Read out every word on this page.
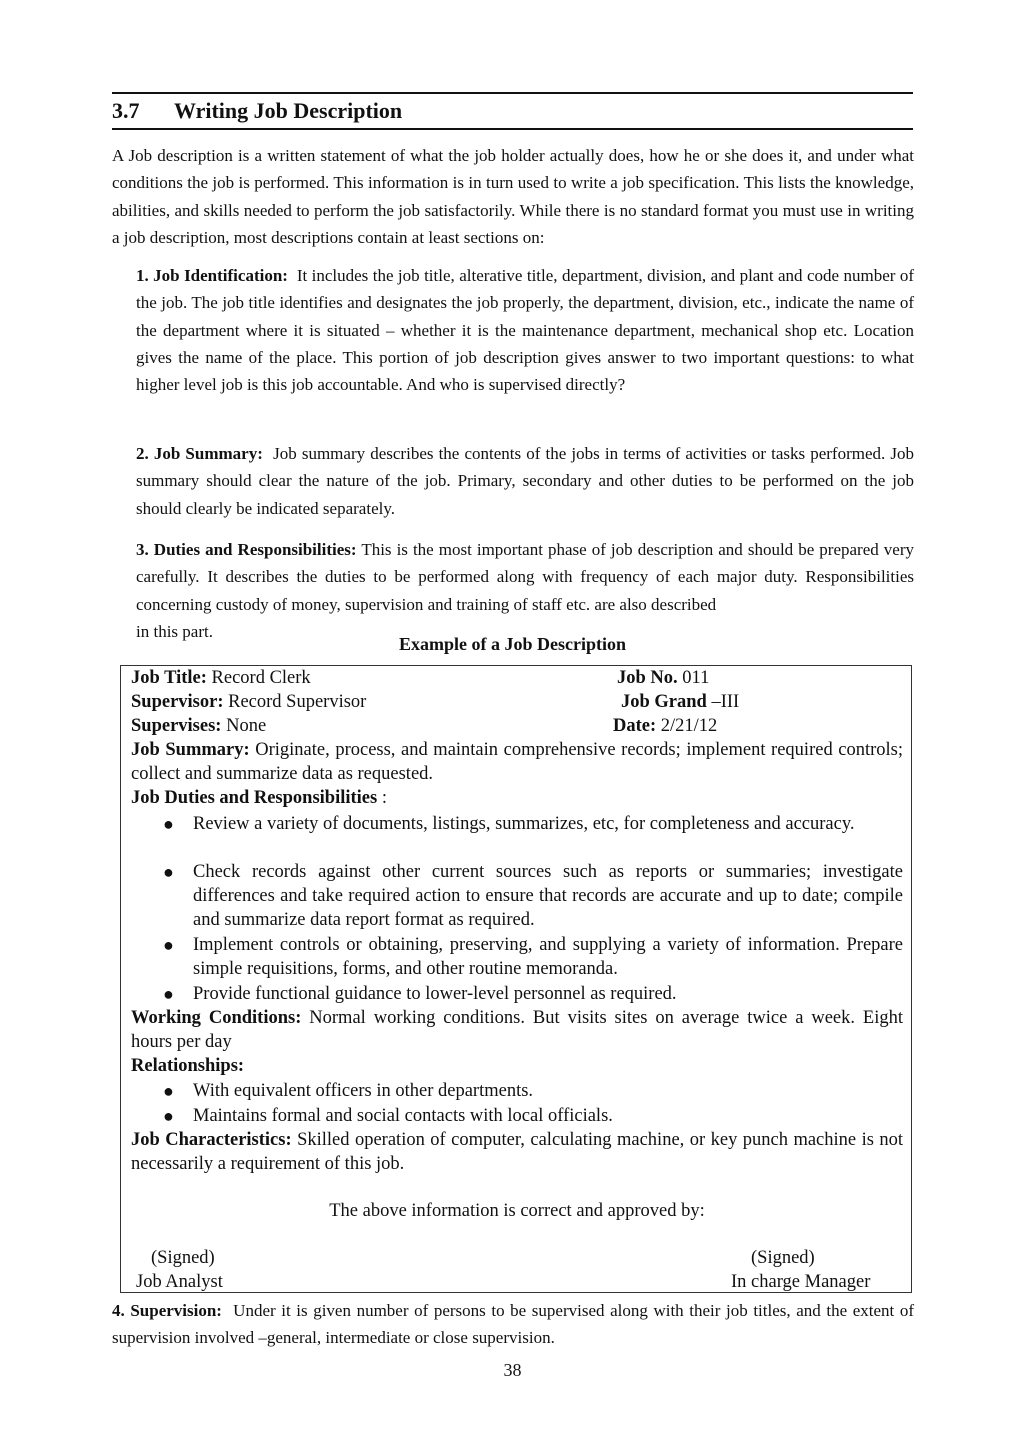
3.7 Writing Job Description
A Job description is a written statement of what the job holder actually does, how he or she does it, and under what conditions the job is performed. This information is in turn used to write a job specification. This lists the knowledge, abilities, and skills needed to perform the job satisfactorily. While there is no standard format you must use in writing a job description, most descriptions contain at least sections on:
1. Job Identification: It includes the job title, alterative title, department, division, and plant and code number of the job. The job title identifies and designates the job properly, the department, division, etc., indicate the name of the department where it is situated – whether it is the maintenance department, mechanical shop etc. Location gives the name of the place. This portion of job description gives answer to two important questions: to what higher level job is this job accountable. And who is supervised directly?
2. Job Summary: Job summary describes the contents of the jobs in terms of activities or tasks performed. Job summary should clear the nature of the job. Primary, secondary and other duties to be performed on the job should clearly be indicated separately.
3. Duties and Responsibilities: This is the most important phase of job description and should be prepared very carefully. It describes the duties to be performed along with frequency of each major duty. Responsibilities concerning custody of money, supervision and training of staff etc. are also described
in this part.
Example of a Job Description
Job Title: Record Clerk	Job No. 011
Supervisor: Record Supervisor	Job Grand –III
Supervises: None	Date: 2/21/12
Job Summary: Originate, process, and maintain comprehensive records; implement required controls; collect and summarize data as requested.
Job Duties and Responsibilities :
● Review a variety of documents, listings, summarizes, etc, for completeness and accuracy.
● Check records against other current sources such as reports or summaries; investigate differences and take required action to ensure that records are accurate and up to date; compile and summarize data report format as required.
● Implement controls or obtaining, preserving, and supplying a variety of information. Prepare simple requisitions, forms, and other routine memoranda.
● Provide functional guidance to lower-level personnel as required.
Working Conditions: Normal working conditions. But visits sites on average twice a week. Eight hours per day
Relationships:
● With equivalent officers in other departments.
● Maintains formal and social contacts with local officials.
Job Characteristics: Skilled operation of computer, calculating machine, or key punch machine is not necessarily a requirement of this job.
The above information is correct and approved by:
(Signed)	(Signed)
Job Analyst	In charge Manager
4. Supervision: Under it is given number of persons to be supervised along with their job titles, and the extent of supervision involved –general, intermediate or close supervision.
38
